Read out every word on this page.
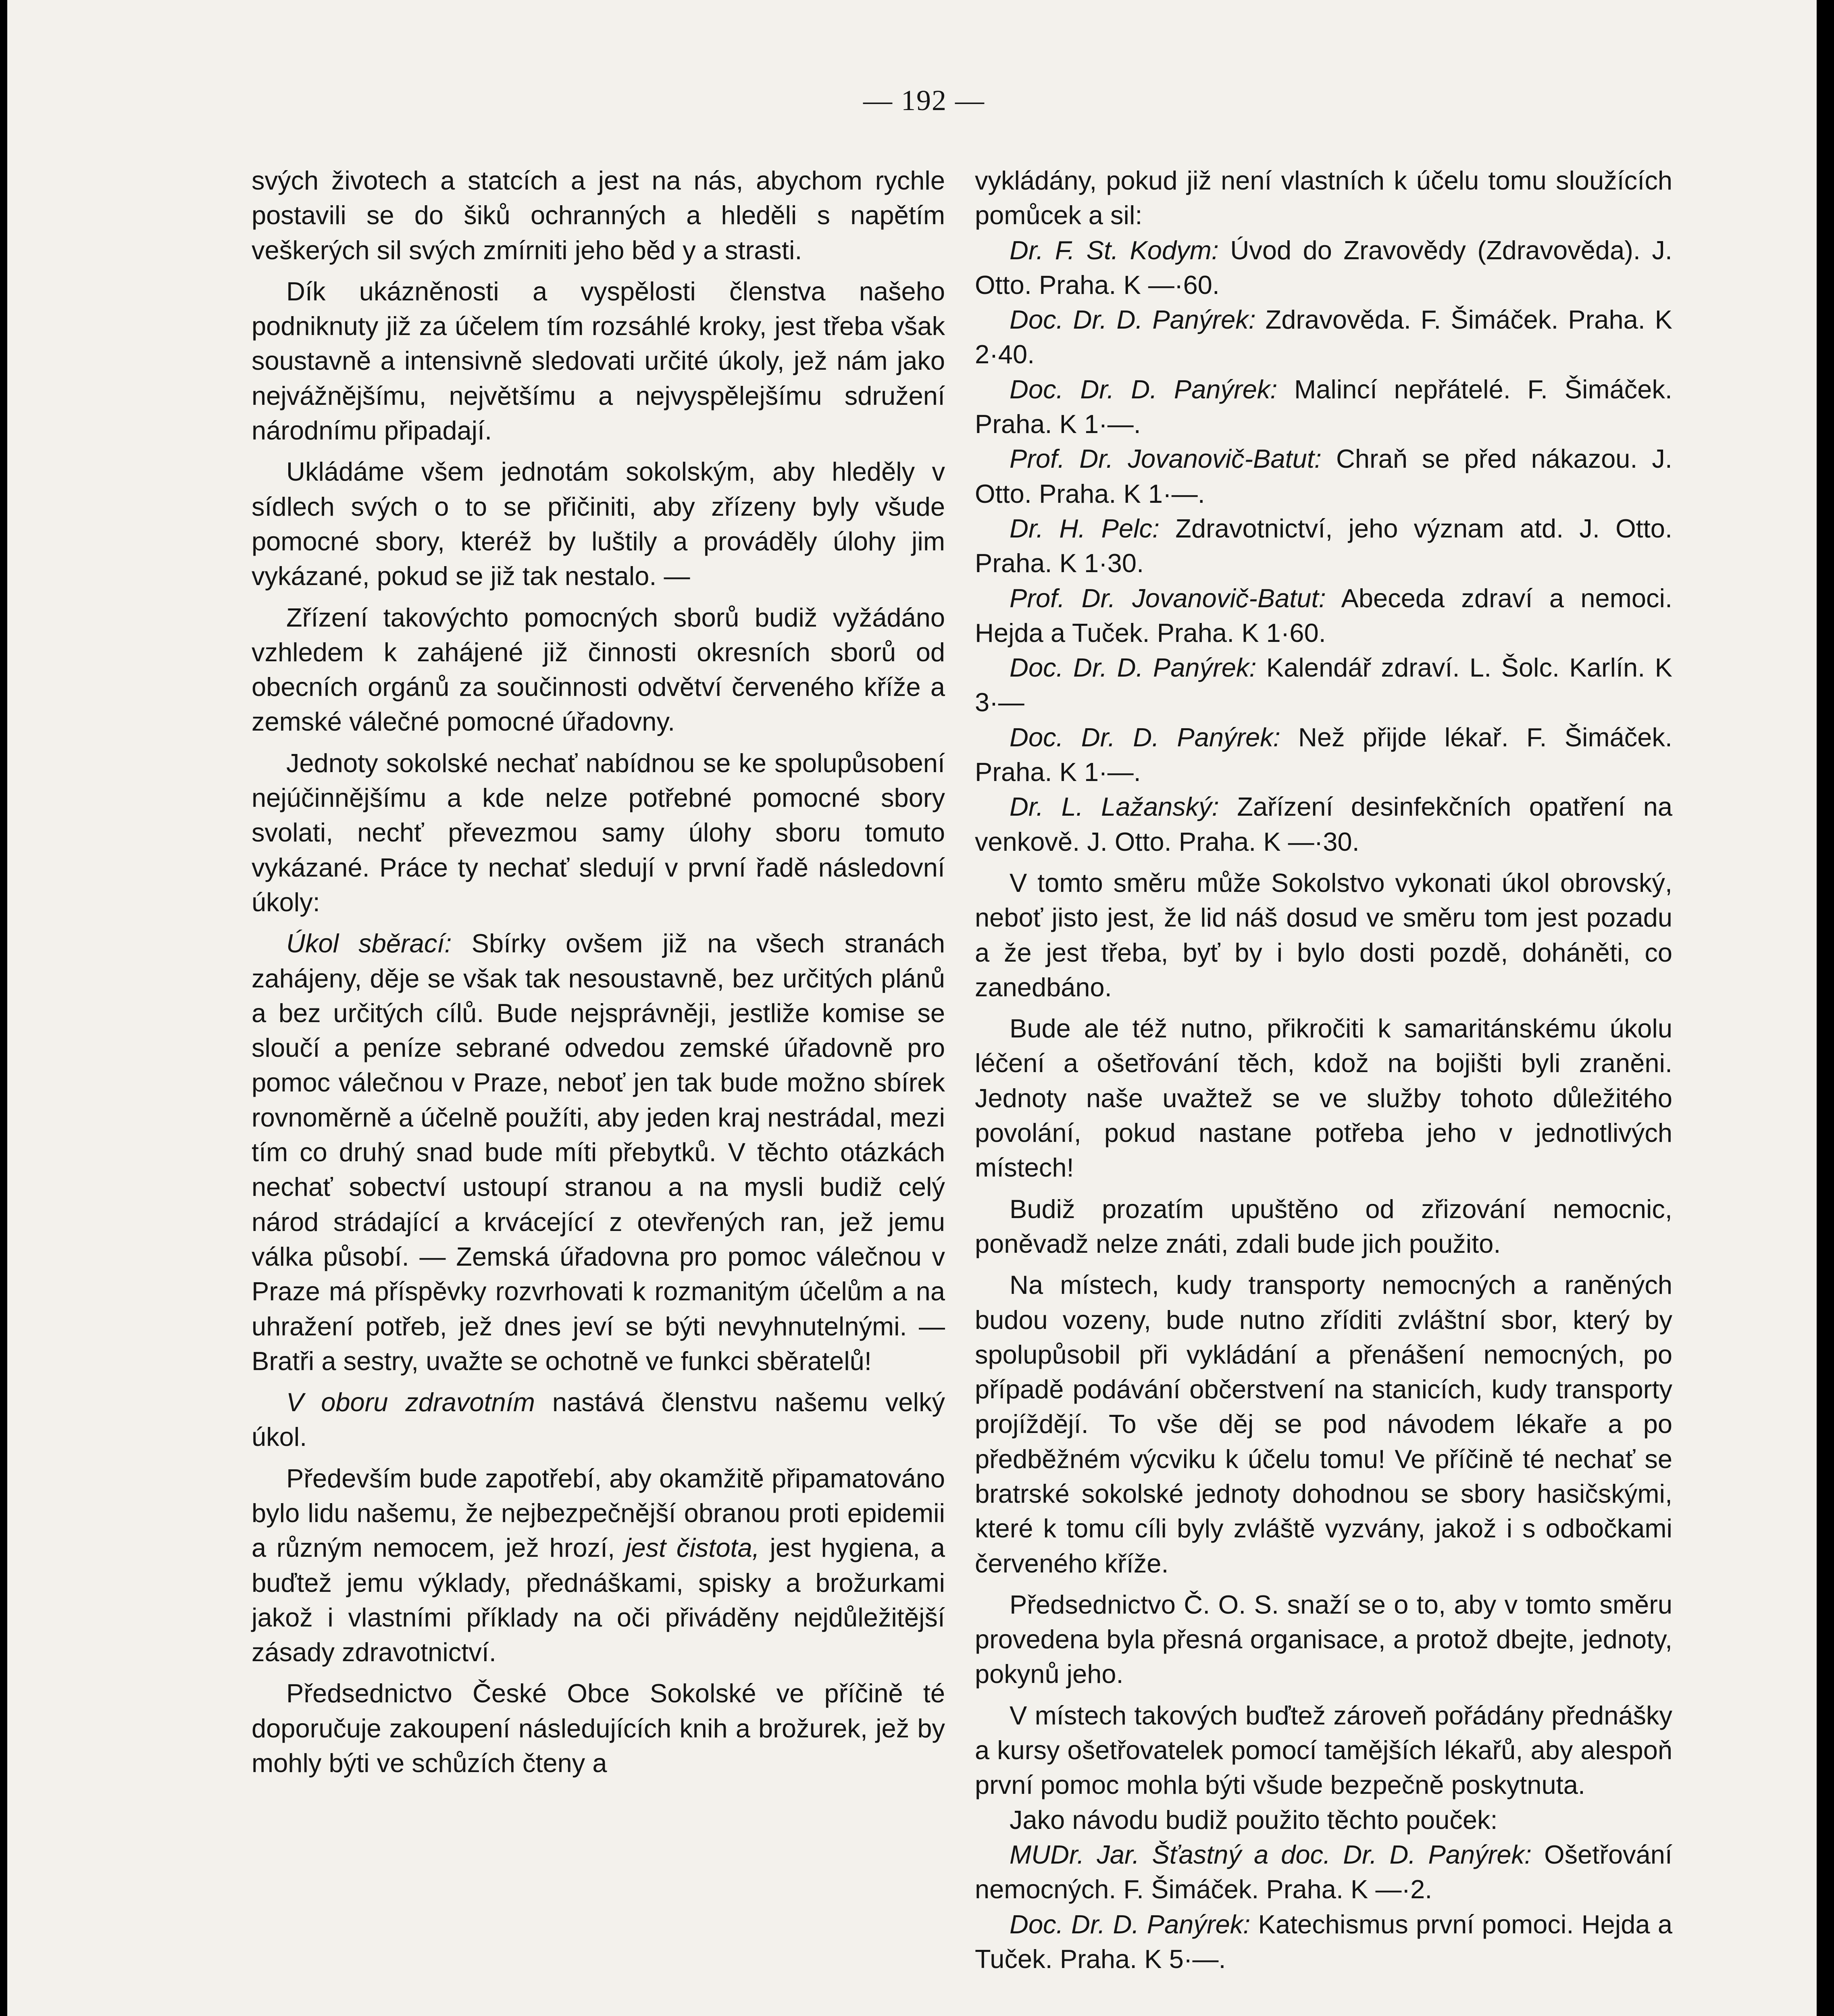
— 192 —

svých životech a statcích a jest na nás, abychom rychle postavili se do šiků ochranných a hleděli s napětím veškerých sil svých zmírniti jeho běd y a strasti.

Dík ukázněnosti a vyspělosti členstva našeho podniknuty již za účelem tím rozsáhlé kroky, jest třeba však soustavně a intensivně sledovati určité úkoly, jež nám jako nejvážnějšímu, největšímu a nejvyspělejšímu sdružení národnímu připadají.

Ukládáme všem jednotám sokolským, aby hleděly v sídlech svých o to se přičiniti, aby zřízeny byly všude pomocné sbory, kteréž by luštily a prováděly úlohy jim vykázané, pokud se již tak nestalo. —

Zřízení takovýchto pomocných sborů budiž vyžádáno vzhledem k zahájené již činnosti okresních sborů od obecních orgánů za součinnosti odvětví červeného kříže a zemské válečné pomocné úřadovny.

Jednoty sokolské nechať nabídnou se ke spolupůsobení nejúčinnějšímu a kde nelze potřebné pomocné sbory svolati, nechť převezmou samy úlohy sboru tomuto vykázané. Práce ty nechať sledují v první řadě následovní úkoly:

Úkol sběrací: Sbírky ovšem již na všech stranách zahájeny, děje se však tak nesoustavně, bez určitých plánů a bez určitých cílů. Bude nejsprávněji, jestliže komise se sloučí a peníze sebrané odvedou zemské úřadovně pro pomoc válečnou v Praze, neboť jen tak bude možno sbírek rovnoměrně a účelně použíti, aby jeden kraj nestrádal, mezi tím co druhý snad bude míti přebytků. V těchto otázkách nechať sobectví ustoupí stranou a na mysli budiž celý národ strádající a krvácející z otevřených ran, jež jemu válka působí. — Zemská úřadovna pro pomoc válečnou v Praze má příspěvky rozvrhovati k rozmanitým účelům a na uhražení potřeb, jež dnes jeví se býti nevyhnutelnými. — Bratři a sestry, uvažte se ochotně ve funkci sběratelů!

V oboru zdravotním nastává členstvu našemu velký úkol.

Především bude zapotřebí, aby okamžitě připamatováno bylo lidu našemu, že nejbezpečnější obranou proti epidemii a různým nemocem, jež hrozí, jest čistota, jest hygiena, a buďtež jemu výklady, přednáškami, spisky a brožurkami jakož i vlastními příklady na oči přiváděny nejdůležitější zásady zdravotnictví.

Předsednictvo České Obce Sokolské ve příčině té doporučuje zakoupení následujících knih a brožurek, jež by mohly býti ve schůzích čteny a

vykládány, pokud již není vlastních k účelu tomu sloužících pomůcek a sil:

Dr. F. St. Kodym: Úvod do Zravovědy (Zdravověda). J. Otto. Praha. K —·60.

Doc. Dr. D. Panýrek: Zdravověda. F. Šimáček. Praha. K 2·40.

Doc. Dr. D. Panýrek: Malincí nepřátelé. F. Šimáček. Praha. K 1·—.

Prof. Dr. Jovanovič-Batut: Chraň se před nákazou. J. Otto. Praha. K 1·—.

Dr. H. Pelc: Zdravotnictví, jeho význam atd. J. Otto. Praha. K 1·30.

Prof. Dr. Jovanovič-Batut: Abeceda zdraví a nemoci. Hejda a Tuček. Praha. K 1·60.

Doc. Dr. D. Panýrek: Kalendář zdraví. L. Šolc. Karlín. K 3·—

Doc. Dr. D. Panýrek: Než přijde lékař. F. Šimáček. Praha. K 1·—.

Dr. L. Lažanský: Zařízení desinfekčních opatření na venkově. J. Otto. Praha. K —·30.

V tomto směru může Sokolstvo vykonati úkol obrovský, neboť jisto jest, že lid náš dosud ve směru tom jest pozadu a že jest třeba, byť by i bylo dosti pozdě, doháněti, co zanedbáno.

Bude ale též nutno, přikročiti k samaritánskému úkolu léčení a ošetřování těch, kdož na bojišti byli zraněni. Jednoty naše uvažtež se ve služby tohoto důležitého povolání, pokud nastane potřeba jeho v jednotlivých místech!

Budiž prozatím upuštěno od zřizování nemocnic, poněvadž nelze znáti, zdali bude jich použito.

Na místech, kudy transporty nemocných a raněných budou vozeny, bude nutno zříditi zvláštní sbor, který by spolupůsobil při vykládání a přenášení nemocných, po případě podávání občerstvení na stanicích, kudy transporty projíždějí. To vše děj se pod návodem lékaře a po předběžném výcviku k účelu tomu! Ve příčině té nechať se bratrské sokolské jednoty dohodnou se sbory hasičskými, které k tomu cíli byly zvláště vyzvány, jakož i s odbočkami červeného kříže.

Předsednictvo Č. O. S. snaží se o to, aby v tomto směru provedena byla přesná organisace, a protož dbejte, jednoty, pokynů jeho.

V místech takových buďtež zároveň pořádány přednášky a kursy ošetřovatelek pomocí tamějších lékařů, aby alespoň první pomoc mohla býti všude bezpečně poskytnuta.

Jako návodu budiž použito těchto pouček:

MUDr. Jar. Šťastný a doc. Dr. D. Panýrek: Ošetřování nemocných. F. Šimáček. Praha. K —·2.

Doc. Dr. D. Panýrek: Katechismus první pomoci. Hejda a Tuček. Praha. K 5·—.
